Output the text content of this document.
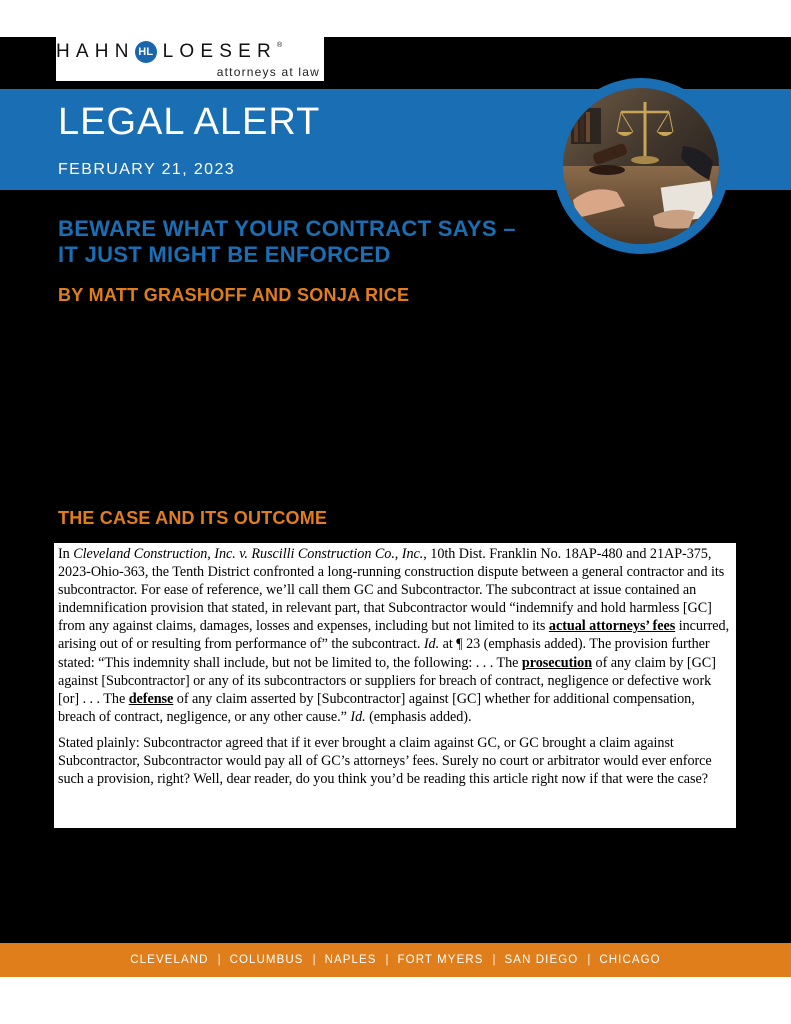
HAHN HL LOESER ®
attorneys at law
LEGAL ALERT
FEBRUARY 21, 2023
BEWARE WHAT YOUR CONTRACT SAYS –
IT JUST MIGHT BE ENFORCED
BY MATT GRASHOFF AND SONJA RICE
THE CASE AND ITS OUTCOME

In Cleveland Construction, Inc. v. Ruscilli Construction Co., Inc., 10th Dist. Franklin No. 18AP-480 and 21AP-375, 2023-Ohio-363, the Tenth District confronted a long-running construction dispute between a general contractor and its subcontractor. For ease of reference, we’ll call them GC and Subcontractor. The subcontract at issue contained an indemnification provision that stated, in relevant part, that Subcontractor would “indemnify and hold harmless [GC] from any against claims, damages, losses and expenses, including but not limited to its actual attorneys’ fees incurred, arising out of or resulting from performance of” the subcontract. Id. at ¶ 23 (emphasis added). The provision further stated: “This indemnity shall include, but not be limited to, the following: . . . The prosecution of any claim by [GC] against [Subcontractor] or any of its subcontractors or suppliers for breach of contract, negligence or defective work [or] . . . The defense of any claim asserted by [Subcontractor] against [GC] whether for additional compensation, breach of contract, negligence, or any other cause.” Id. (emphasis added).

Stated plainly: Subcontractor agreed that if it ever brought a claim against GC, or GC brought a claim against Subcontractor, Subcontractor would pay all of GC’s attorneys’ fees. Surely no court or arbitrator would ever enforce such a provision, right? Well, dear reader, do you think you’d be reading this article right now if that were the case?

CLEVELAND | COLUMBUS | NAPLES | FORT MYERS | SAN DIEGO | CHICAGO
